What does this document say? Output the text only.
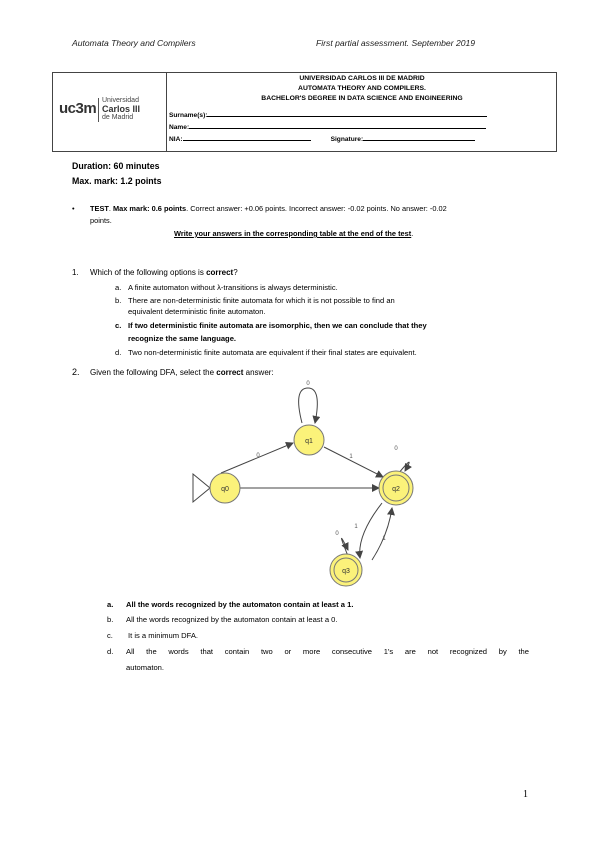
Automata Theory and Compilers	First partial assessment. September 2019
uc3m Universidad
Carlos III
de Madrid
UNIVERSIDAD CARLOS III DE MADRID
AUTOMATA THEORY AND COMPILERS.
BACHELOR'S DEGREE IN DATA SCIENCE AND ENGINEERING
Surname(s):
Name:
NIA:	Signature:
Duration: 60 minutes
Max. mark: 1.2 points
• TEST. Max mark: 0.6 points. Correct answer: +0.06 points. Incorrect answer: -0.02 points. No answer: -0.02
points.
Write your answers in the corresponding table at the end of the test.
1. Which of the following options is correct?
a. A finite automaton without λ-transitions is always deterministic.
b. There are non-deterministic finite automata for which it is not possible to find an
equivalent deterministic finite automaton.
c. If two deterministic finite automata are isomorphic, then we can conclude that they
recognize the same language.
d. Two non-deterministic finite automata are equivalent if their final states are equivalent.
2. Given the following DFA, select the correct answer:
q1
q0	q2
q3
0
0	1
0
1
1
0
a. All the words recognized by the automaton contain at least a 1.
b. All the words recognized by the automaton contain at least a 0.
c. It is a minimum DFA.
d. All the words that contain two or more consecutive 1's are not recognized by the
automaton.
1
